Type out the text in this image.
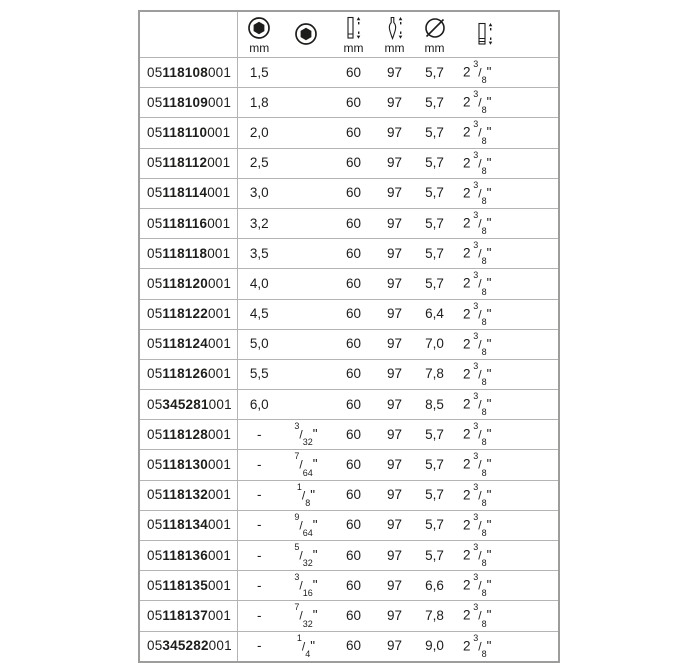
	mm		mm	mm	mm

05118108001	1,5		60	97	5,7	2 $^3/_8$"
05118109001	1,8		60	97	5,7	2 $^3/_8$"
05118110001	2,0		60	97	5,7	2 $^3/_8$"
05118112001	2,5		60	97	5,7	2 $^3/_8$"
05118114001	3,0		60	97	5,7	2 $^3/_8$"
05118116001	3,2		60	97	5,7	2 $^3/_8$"
05118118001	3,5		60	97	5,7	2 $^3/_8$"
05118120001	4,0		60	97	5,7	2 $^3/_8$"
05118122001	4,5		60	97	6,4	2 $^3/_8$"
05118124001	5,0		60	97	7,0	2 $^3/_8$"
05118126001	5,5		60	97	7,8	2 $^3/_8$"
05345281001	6,0		60	97	8,5	2 $^3/_8$"
05118128001	-	$^3/_{32}$"	60	97	5,7	2 $^3/_8$"
05118130001	-	$^7/_{64}$"	60	97	5,7	2 $^3/_8$"
05118132001	-	$^1/_8$"	60	97	5,7	2 $^3/_8$"
05118134001	-	$^9/_{64}$"	60	97	5,7	2 $^3/_8$"
05118136001	-	$^5/_{32}$"	60	97	5,7	2 $^3/_8$"
05118135001	-	$^3/_{16}$"	60	97	6,6	2 $^3/_8$"
05118137001	-	$^7/_{32}$"	60	97	7,8	2 $^3/_8$"
05345282001	-	$^1/_4$"	60	97	9,0	2 $^3/_8$"
